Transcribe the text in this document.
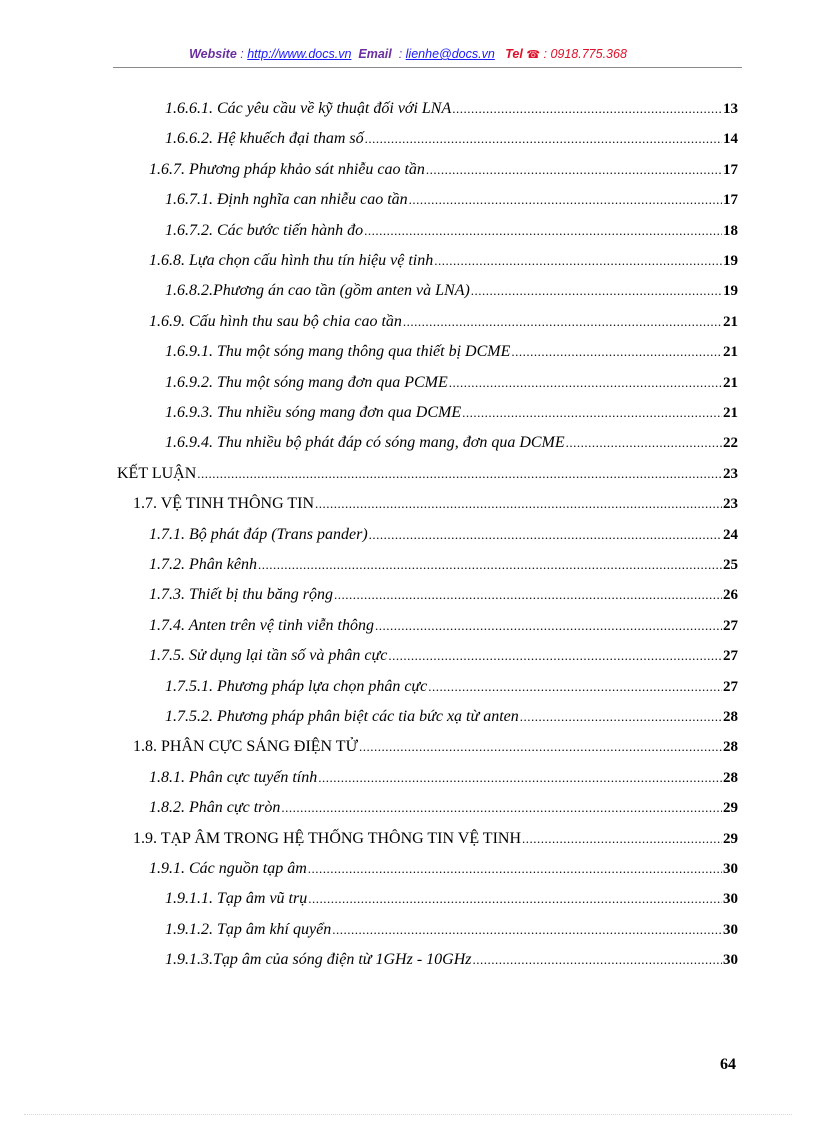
Website : http://www.docs.vn Email  : lienhe@docs.vn Tel ☎ : 0918.775.368
1.6.6.1. Các yêu cầu về kỹ thuật đối với LNA .....	13
1.6.6.2. Hệ khuếch đại tham số .....	14
1.6.7. Phương pháp khảo sát nhiễu cao tần .....	17
1.6.7.1. Định nghĩa can nhiễu cao tần .....	17
1.6.7.2. Các bước tiến hành đo .....	18
1.6.8. Lựa chọn cấu hình thu tín hiệu vệ tinh .....	19
1.6.8.2.Phương án cao tần (gồm anten và LNA) .....	19
1.6.9. Cấu hình thu sau bộ chia cao tần .....	21
1.6.9.1. Thu một sóng mang thông qua thiết bị DCME .....	21
1.6.9.2. Thu một sóng mang đơn qua PCME .....	21
1.6.9.3. Thu nhiều sóng mang đơn qua DCME .....	21
1.6.9.4. Thu nhiều bộ phát đáp có sóng mang, đơn qua DCME .....	22
KẾT LUẬN .....	23
1.7. VỆ TINH THÔNG TIN .....	23
1.7.1. Bộ phát đáp (Trans pander) .....	24
1.7.2. Phân kênh .....	25
1.7.3. Thiết bị thu băng rộng .....	26
1.7.4. Anten trên vệ tinh viễn thông .....	27
1.7.5. Sử dụng lại tần số và phân cực .....	27
1.7.5.1. Phương pháp lựa chọn phân cực .....	27
1.7.5.2. Phương pháp phân biệt các tia bức xạ từ anten .....	28
1.8. PHÂN CỰC SÁNG ĐIỆN TỬ .....	28
1.8.1. Phân cực tuyến tính .....	28
1.8.2. Phân cực tròn .....	29
1.9. TẠP ÂM TRONG HỆ THỐNG THÔNG TIN VỆ TINH .....	29
1.9.1. Các nguồn tạp âm .....	30
1.9.1.1. Tạp âm vũ trụ .....	30
1.9.1.2. Tạp âm khí quyển .....	30
1.9.1.3.Tạp âm của sóng điện từ 1GHz - 10GHz .....	30
64
